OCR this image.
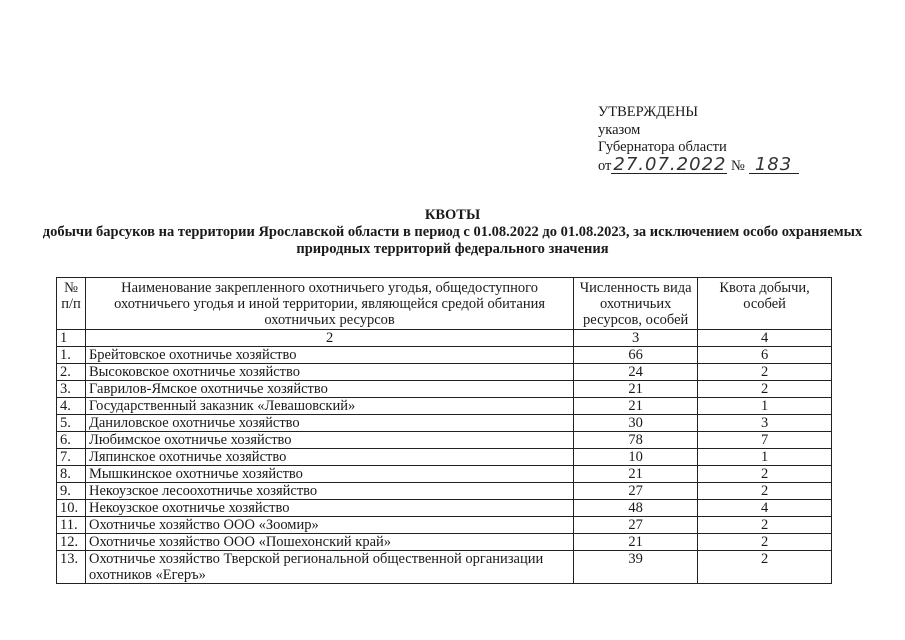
УТВЕРЖДЕНЫ
указом
Губернатора области
от 27.07.2022 № 183
КВОТЫ
добычи барсуков на территории Ярославской области в период с 01.08.2022 до 01.08.2023, за исключением особо охраняемых природных территорий федерального значения
№ п/п	Наименование закрепленного охотничьего угодья, общедоступного охотничьего угодья и иной территории, являющейся средой обитания охотничьих ресурсов	Численность вида охотничьих ресурсов, особей	Квота добычи, особей
1	2	3	4
1.	Брейтовское охотничье хозяйство	66	6
2.	Высоковское охотничье хозяйство	24	2
3.	Гаврилов-Ямское охотничье хозяйство	21	2
4.	Государственный заказник «Левашовский»	21	1
5.	Даниловское охотничье хозяйство	30	3
6.	Любимское охотничье хозяйство	78	7
7.	Ляпинское охотничье хозяйство	10	1
8.	Мышкинское охотничье хозяйство	21	2
9.	Некоузское лесоохотничье хозяйство	27	2
10.	Некоузское охотничье хозяйство	48	4
11.	Охотничье хозяйство ООО «Зоомир»	27	2
12.	Охотничье хозяйство ООО «Пошехонский край»	21	2
13.	Охотничье хозяйство Тверской региональной общественной организации охотников «Егеръ»	39	2
